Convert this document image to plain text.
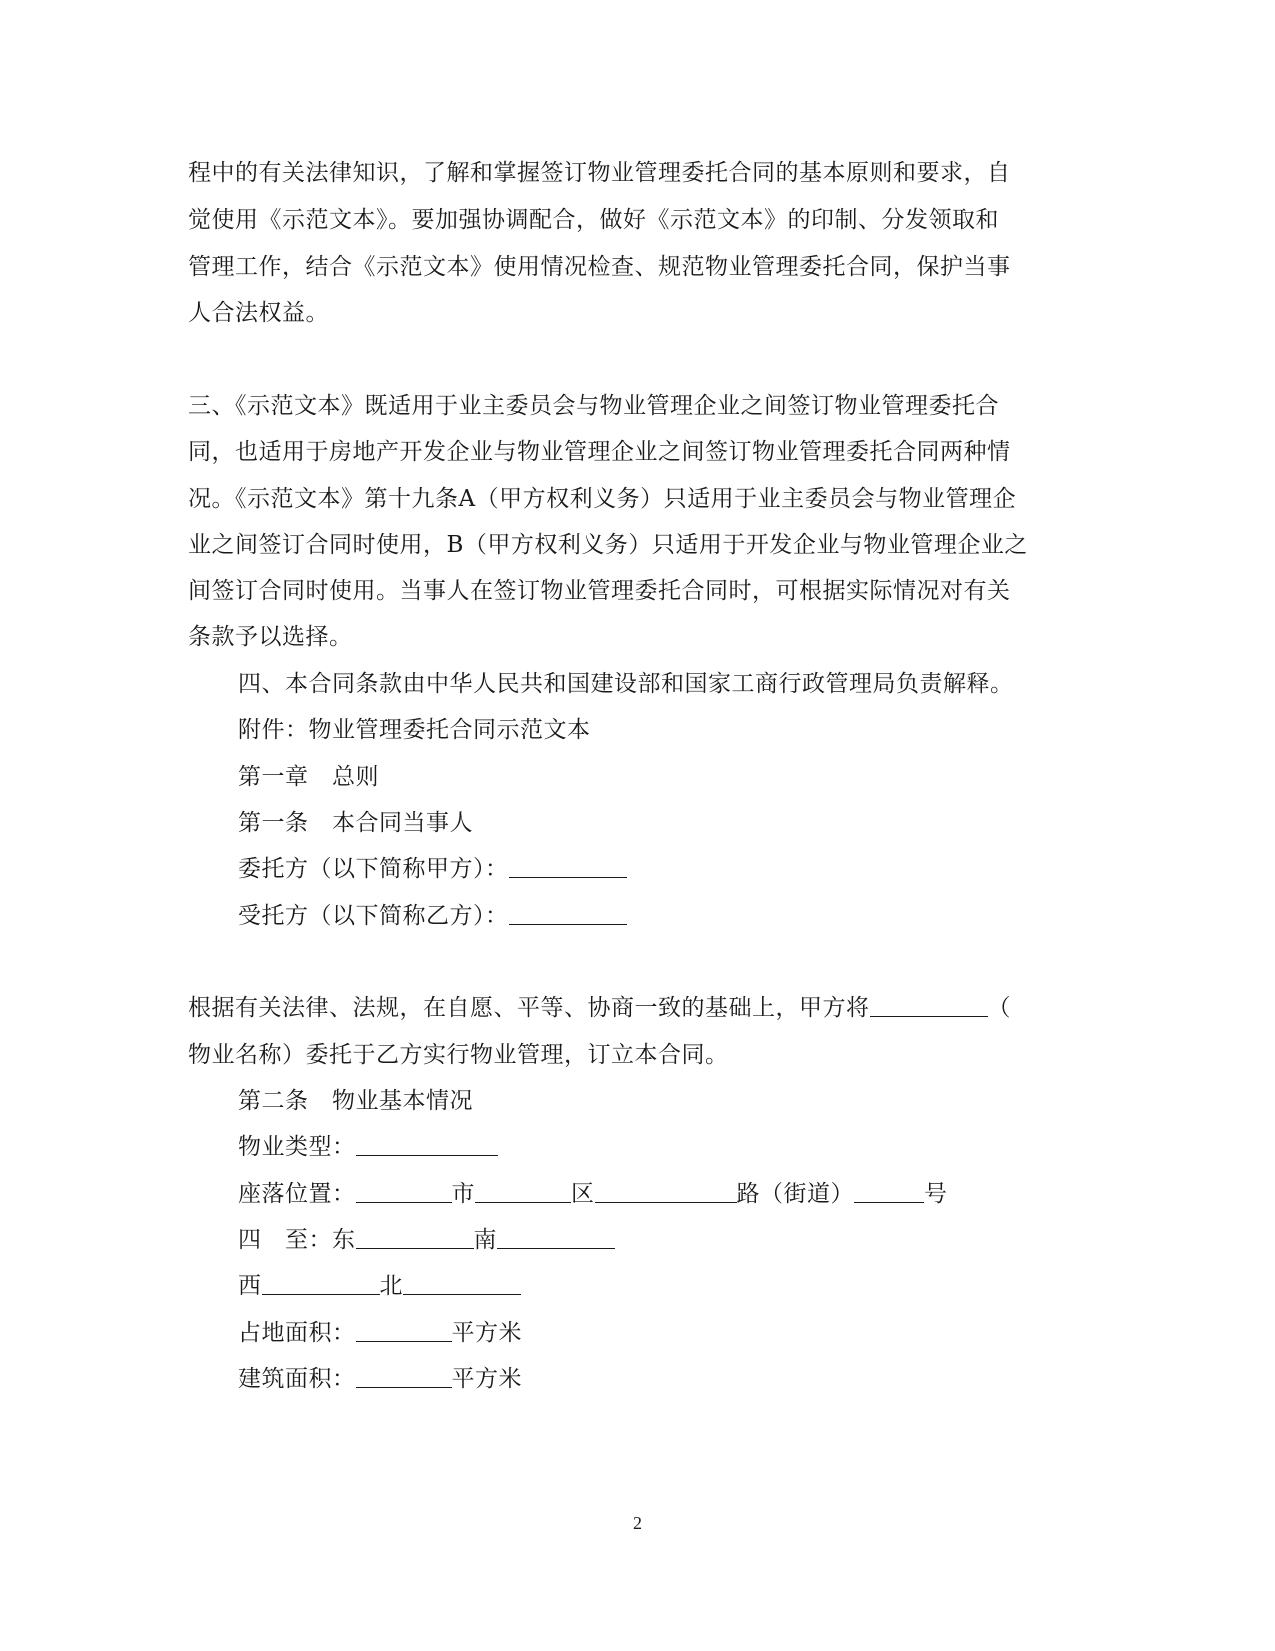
程中的有关法律知识，了解和掌握签订物业管理委托合同的基本原则和要求，自
觉使用《示范文本》。要加强协调配合，做好《示范文本》的印制、分发领取和
管理工作，结合《示范文本》使用情况检查、规范物业管理委托合同，保护当事
人合法权益。
三、《示范文本》既适用于业主委员会与物业管理企业之间签订物业管理委托合
同，也适用于房地产开发企业与物业管理企业之间签订物业管理委托合同两种情
况。《示范文本》第十九条A（甲方权利义务）只适用于业主委员会与物业管理企
业之间签订合同时使用，B（甲方权利义务）只适用于开发企业与物业管理企业之
间签订合同时使用。当事人在签订物业管理委托合同时，可根据实际情况对有关
条款予以选择。
四、本合同条款由中华人民共和国建设部和国家工商行政管理局负责解释。
附件：物业管理委托合同示范文本
第一章　总则
第一条　本合同当事人
委托方（以下简称甲方）：
受托方（以下简称乙方）：
根据有关法律、法规，在自愿、平等、协商一致的基础上，甲方将	（
物业名称）委托于乙方实行物业管理，订立本合同。
第二条　物业基本情况
物业类型：
座落位置：	市	区	路（街道）	号
四　至：东	南
西	北
占地面积：	平方米
建筑面积：	平方米
2
